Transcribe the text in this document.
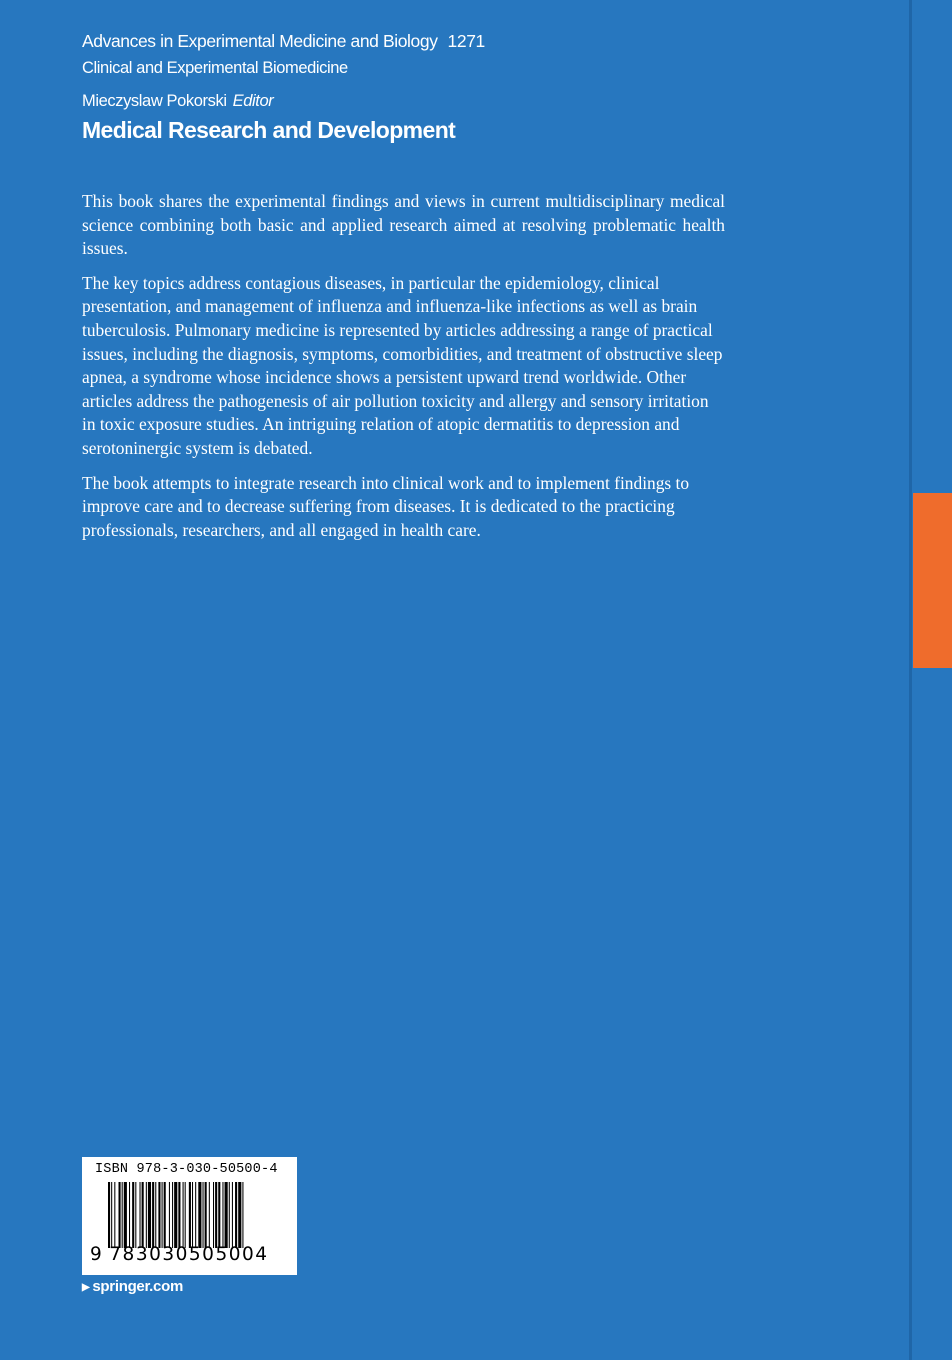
Advances in Experimental Medicine and Biology 1271
Clinical and Experimental Biomedicine
Mieczyslaw Pokorski Editor
Medical Research and Development

This book shares the experimental findings and views in current multidisciplinary medical science combining both basic and applied research aimed at resolving problematic health issues.

The key topics address contagious diseases, in particular the epidemiology, clinical presentation, and management of influenza and influenza-like infections as well as brain tuberculosis. Pulmonary medicine is represented by articles addressing a range of practical issues, including the diagnosis, symptoms, comorbidities, and treatment of obstructive sleep apnea, a syndrome whose incidence shows a persistent upward trend worldwide. Other articles address the pathogenesis of air pollution toxicity and allergy and sensory irritation in toxic exposure studies. An intriguing relation of atopic dermatitis to depression and serotoninergic system is debated.

The book attempts to integrate research into clinical work and to implement findings to improve care and to decrease suffering from diseases. It is dedicated to the practicing professionals, researchers, and all engaged in health care.

ISBN 978-3-030-50500-4
9 783030505004
▶ springer.com
